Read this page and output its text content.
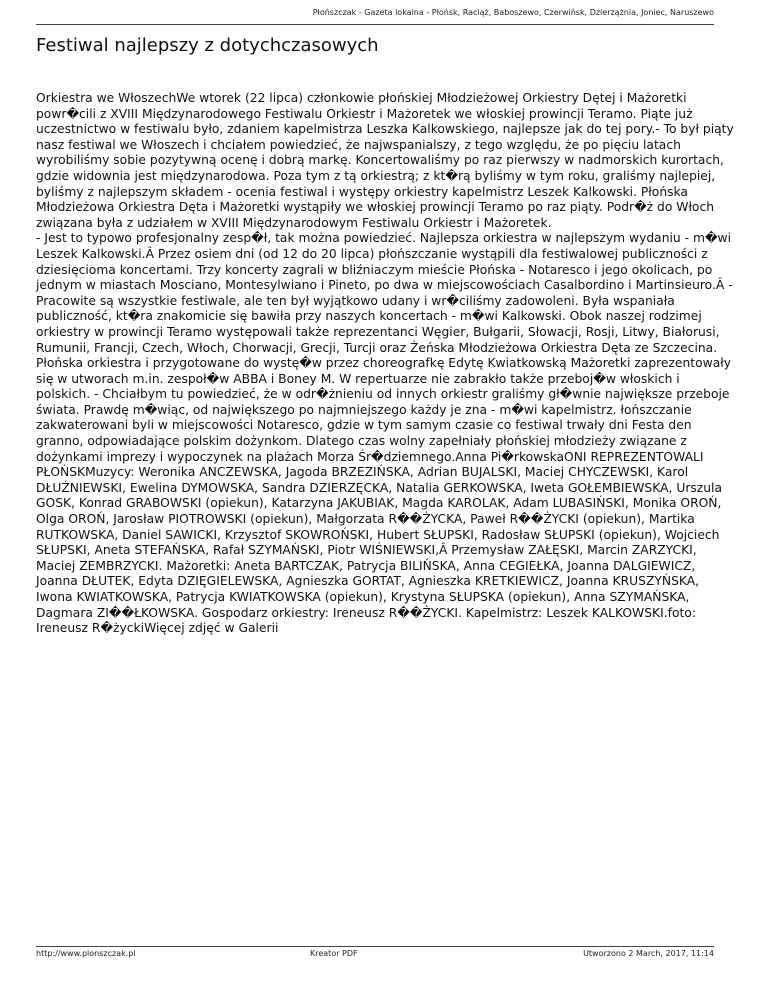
Płońszczak - Gazeta lokalna - Płońsk, Raciąż, Baboszewo, Czerwińsk, Dzierzążnia, Joniec, Naruszewo
Festiwal najlepszy z dotychczasowych
Orkiestra we WłoszechWe wtorek (22 lipca) członkowie płońskiej Młodzieżowej Orkiestry Dętej i Mażoretki powr�cili z XVIII Międzynarodowego Festiwalu Orkiestr i Mażoretek we włoskiej prowincji Teramo. Piąte już uczestnictwo w festiwalu było, zdaniem kapelmistrza Leszka Kalkowskiego, najlepsze jak do tej pory.- To był piąty nasz festiwal we Włoszech i chciałem powiedzieć, że najwspanialszy, z tego względu, że po pięciu latach wyrobiliśmy sobie pozytywną ocenę i dobrą markę. Koncertowaliśmy po raz pierwszy w nadmorskich kurortach, gdzie widownia jest międzynarodowa. Poza tym z tą orkiestrą; z kt�rą byliśmy w tym roku, graliśmy najlepiej, byliśmy z najlepszym składem - ocenia festiwal i występy orkiestry kapelmistrz Leszek Kalkowski. Płońska Młodzieżowa Orkiestra Dęta i Mażoretki wystąpiły we włoskiej prowincji Teramo po raz piąty. Podr�ż do Włoch związana była z udziałem w XVIII Międzynarodowym Festiwalu Orkiestr i Mażoretek.
- Jest to typowo profesjonalny zesp�ł, tak można powiedzieć. Najlepsza orkiestra w najlepszym wydaniu - m�wi Leszek Kalkowski.Â Przez osiem dni (od 12 do 20 lipca) płońszczanie wystąpili dla festiwalowej publiczności z dziesięcioma koncertami. Trzy koncerty zagrali w bliźniaczym mieście Płońska - Notaresco i jego okolicach, po jednym w miastach Mosciano, Montesylwiano i Pineto, po dwa w miejscowościach Casalbordino i Martinsieuro.Â - Pracowite są wszystkie festiwale, ale ten był wyjątkowo udany i wr�ciliśmy zadowoleni. Była wspaniała publiczność, kt�ra znakomicie się bawiła przy naszych koncertach - m�wi Kalkowski. Obok naszej rodzimej orkiestry w prowincji Teramo występowali także reprezentanci Węgier, Bułgarii, Słowacji, Rosji, Litwy, Białorusi, Rumunii, Francji, Czech, Włoch, Chorwacji, Grecji, Turcji oraz Żeńska Młodzieżowa Orkiestra Dęta ze Szczecina. Płońska orkiestra i przygotowane do wystę�w przez choreografkę Edytę Kwiatkowską Mażoretki zaprezentowały się w utworach m.in. zespoł�w ABBA i Boney M. W repertuarze nie zabrakło także przeboj�w włoskich i polskich. - Chciałbym tu powiedzieć, że w odr�żnieniu od innych orkiestr graliśmy gł�wnie największe przeboje świata. Prawdę m�wiąc, od największego po najmniejszego każdy je zna - m�wi kapelmistrz. łońszczanie zakwaterowani byli w miejscowości Notaresco, gdzie w tym samym czasie co festiwal trwały dni Festa den granno, odpowiadające polskim dożynkom. Dlatego czas wolny zapełniały płońskiej młodzieży związane z dożynkami imprezy i wypoczynek na plażach Morza Śr�dziemnego.Anna Pi�rkowskaONI REPREZENTOWALI PŁOŃSKMuzycy: Weronika ANCZEWSKA, Jagoda BRZEZIŃSKA, Adrian BUJALSKI, Maciej CHYCZEWSKI, Karol DŁUŹNIEWSKI, Ewelina DYMOWSKA, Sandra DZIERZĘCKA, Natalia GERKOWSKA, Iweta GOŁEMBIEWSKA, Urszula GOSK, Konrad GRABOWSKI (opiekun), Katarzyna JAKUBIAK, Magda KAROLAK, Adam LUBASIŃSKI, Monika OROŃ, Olga OROŃ, Jarosław PIOTROWSKI (opiekun), Małgorzata R��ŻYCKA, Paweł R��ŻYCKI (opiekun), Martika RUTKOWSKA, Daniel SAWICKI, Krzysztof SKOWROŃSKI, Hubert SŁUPSKI, Radosław SŁUPSKI (opiekun), Wojciech SŁUPSKI, Aneta STEFAŃSKA, Rafał SZYMAŃSKI, Piotr WIŚNIEWSKI,Â Przemysław ZAŁĘSKI, Marcin ZARZYCKI, Maciej ZEMBRZYCKI. Mażoretki: Aneta BARTCZAK, Patrycja BILIŃSKA, Anna CEGIEŁKA, Joanna DALGIEWICZ, Joanna DŁUTEK, Edyta DZIĘGIELEWSKA, Agnieszka GORTAT, Agnieszka KRETKIEWICZ, Joanna KRUSZYŃSKA, Iwona KWIATKOWSKA, Patrycja KWIATKOWSKA (opiekun), Krystyna SŁUPSKA (opiekun), Anna SZYMAŃSKA, Dagmara ZI��ŁKOWSKA. Gospodarz orkiestry: Ireneusz R��ŻYCKI. Kapelmistrz: Leszek KALKOWSKI.foto: Ireneusz R�życkiWięcej zdjęć w Galerii
http://www.plonszczak.pl	Kreator PDF	Utworzono 2 March, 2017, 11:14
